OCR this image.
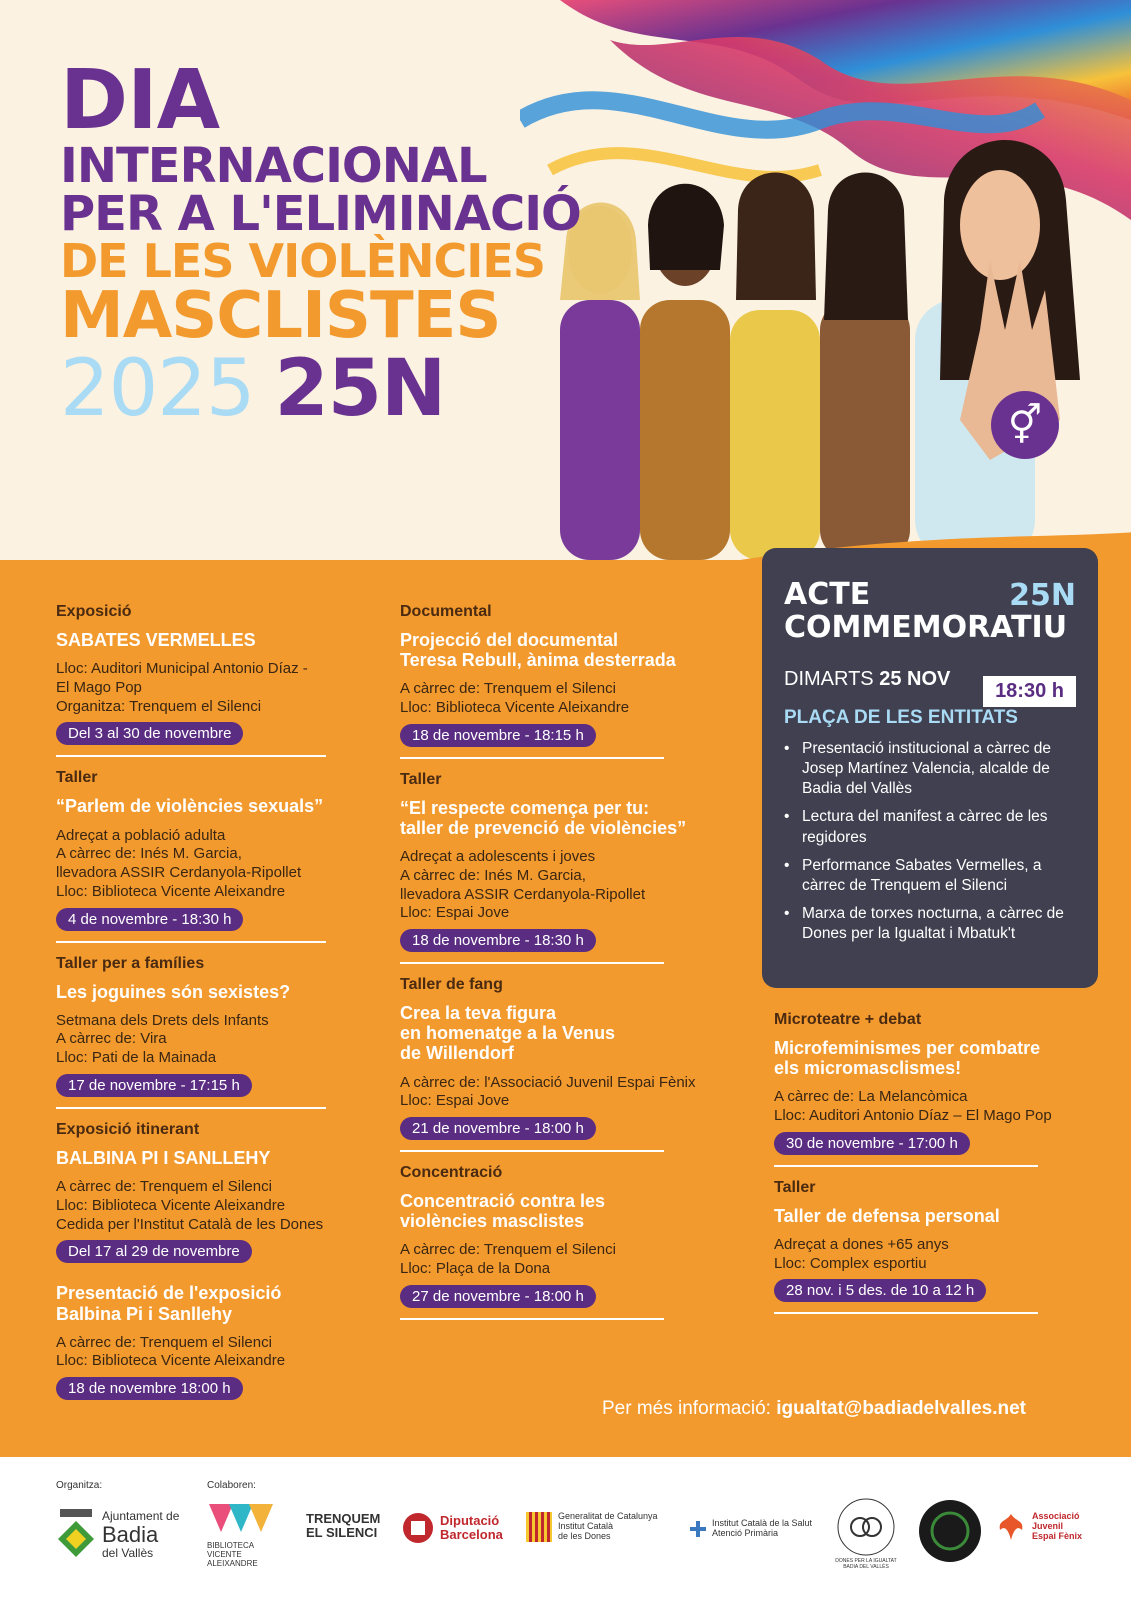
⚥
DIA
INTERNACIONAL
PER A L'ELIMINACIÓ
DE LES VIOLÈNCIES
MASCLISTES
2025 25N
Exposició
SABATES VERMELLES
Lloc: Auditori Municipal Antonio Díaz -
El Mago Pop
Organitza: Trenquem el Silenci
Del 3 al 30 de novembre
Taller
“Parlem de violències sexuals”
Adreçat a població adulta
A càrrec de: Inés M. Garcia,
llevadora ASSIR Cerdanyola-Ripollet
Lloc: Biblioteca Vicente Aleixandre
4 de novembre - 18:30 h
Taller per a famílies
Les joguines són sexistes?
Setmana dels Drets dels Infants
A càrrec de: Vira
Lloc: Pati de la Mainada
17 de novembre - 17:15 h
Exposició itinerant
BALBINA PI I SANLLEHY
A càrrec de: Trenquem el Silenci
Lloc: Biblioteca Vicente Aleixandre
Cedida per l'Institut Català de les Dones
Del 17 al 29 de novembre
Presentació de l'exposició
Balbina Pi i Sanllehy
A càrrec de: Trenquem el Silenci
Lloc: Biblioteca Vicente Aleixandre
18 de novembre 18:00 h
Documental
Projecció del documental
Teresa Rebull, ànima desterrada
A càrrec de: Trenquem el Silenci
Lloc: Biblioteca Vicente Aleixandre
18 de novembre - 18:15 h
Taller
“El respecte comença per tu:
taller de prevenció de violències”
Adreçat a adolescents i joves
A càrrec de: Inés M. Garcia,
llevadora ASSIR Cerdanyola-Ripollet
Lloc: Espai Jove
18 de novembre - 18:30 h
Taller de fang
Crea la teva figura
en homenatge a la Venus
de Willendorf
A càrrec de: l'Associació Juvenil Espai Fènix
Lloc: Espai Jove
21 de novembre - 18:00 h
Concentració
Concentració contra les
violències masclistes
A càrrec de: Trenquem el Silenci
Lloc: Plaça de la Dona
27 de novembre - 18:00 h
ACTE
COMMEMORATIU
25N
DIMARTS 25 NOV
18:30 h
PLAÇA DE LES ENTITATS
• Presentació institucional a càrrec de Josep Martínez Valencia, alcalde de Badia del Vallès
• Lectura del manifest a càrrec de les regidores
• Performance Sabates Vermelles, a càrrec de Trenquem el Silenci
• Marxa de torxes nocturna, a càrrec de Dones per la Igualtat i Mbatuk't
Microteatre + debat
Microfeminismes per combatre
els micromasclismes!
A càrrec de: La Melancòmica
Lloc: Auditori Antonio Díaz – El Mago Pop
30 de novembre - 17:00 h
Taller
Taller de defensa personal
Adreçat a dones +65 anys
Lloc: Complex esportiu
28 nov. i 5 des. de 10 a 12 h
Per més informació: igualtat@badiadelvalles.net
Organitza:	Colaboren:
Ajuntament de
Badia
del Vallès
BIBLIOTECA
VICENTE
ALEIXANDRE
TRENQUEM
EL SILENCI
Diputació
Barcelona
Generalitat de Catalunya
Institut Català
de les Dones
Institut Català de la Salut
Atenció Primària
DONES PER LA IGUALTAT
BADIA DEL VALLÈS
Associació
Juvenil
Espai Fènix
